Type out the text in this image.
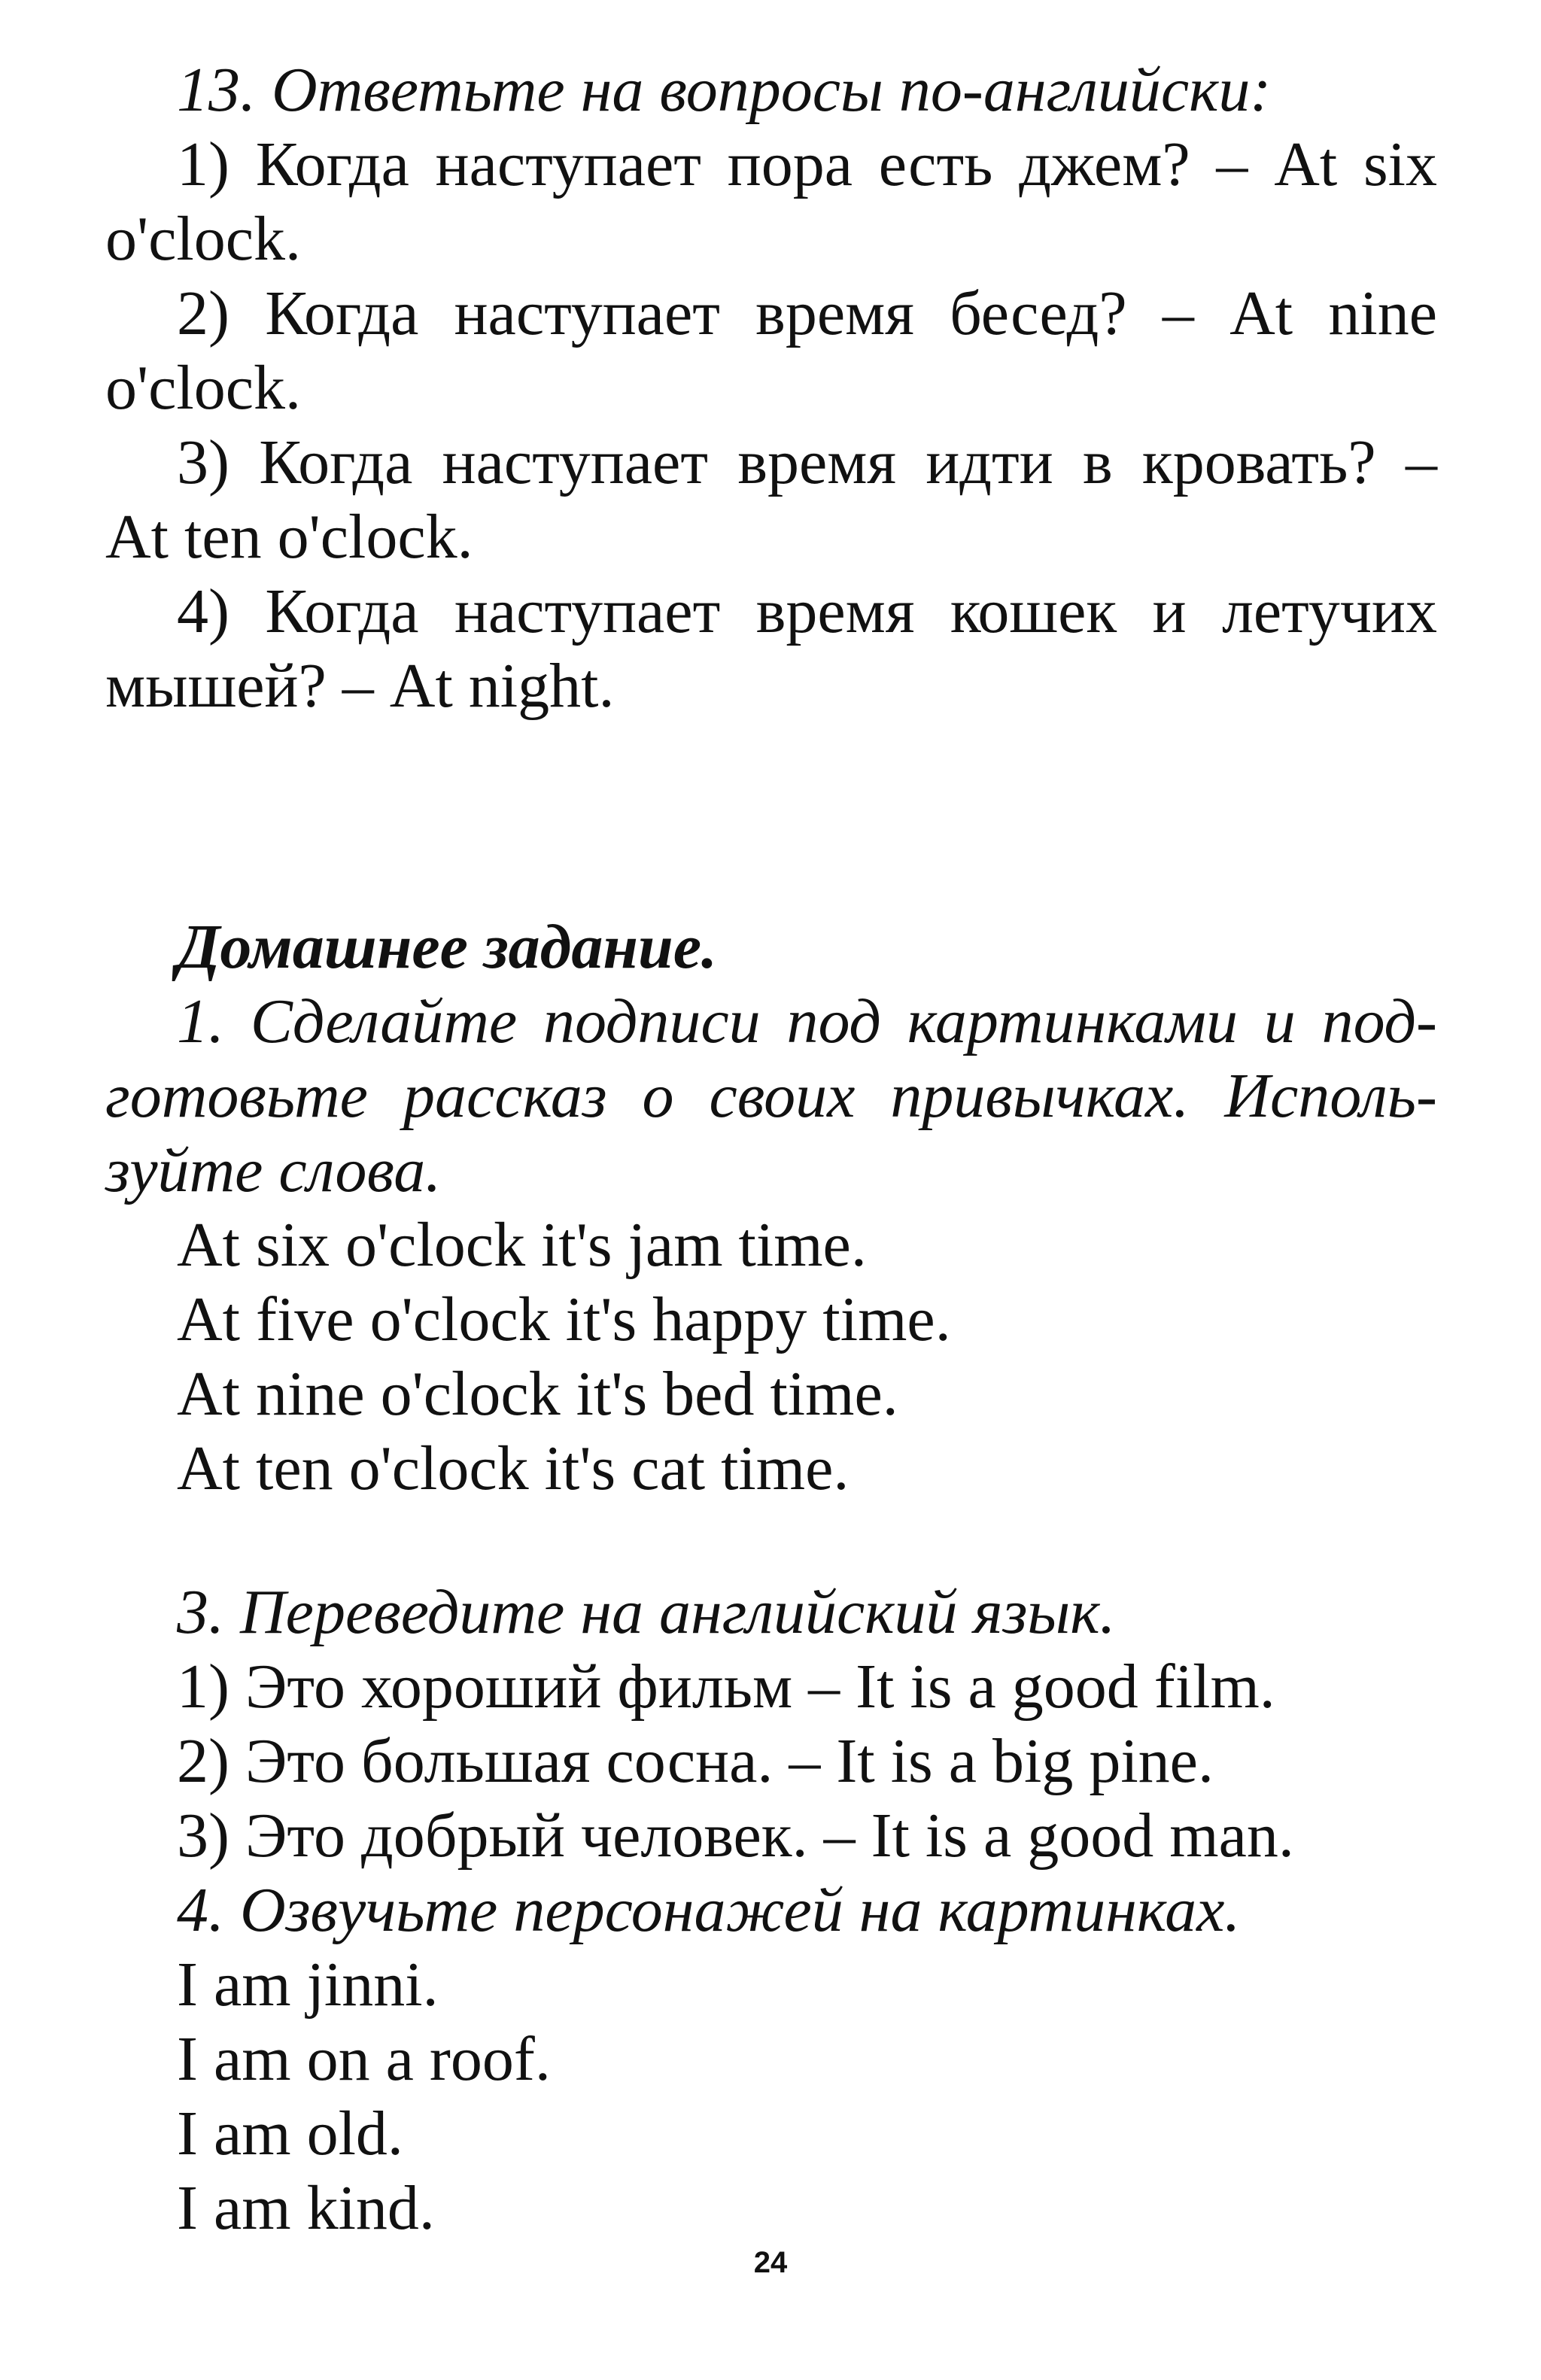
13. Ответьте на вопросы по-английски:

1) Когда наступает пора есть джем? – At six

o'clock.

2) Когда наступает время бесед? – At nine

o'clock.

3) Когда наступает время идти в кровать? –

At ten o'clock.

4) Когда наступает время кошек и летучих

мышей? – At night.

Домашнее задание.

1. Сделайте подписи под картинками и под-

готовьте рассказ о своих привычках. Исполь-

зуйте слова.

At six o'clock it's jam time.

At five o'clock it's happy time.

At nine o'clock it's bed time.

At ten o'clock it's cat time.

3. Переведите на английский язык.

1) Это хороший фильм – It is a good film.

2) Это большая сосна. – It is a big pine.

3) Это добрый человек. – It is a good man.

4. Озвучьте персонажей на картинках.

I am jinni.

I am on a roof.

I am old.

I am kind.

24
